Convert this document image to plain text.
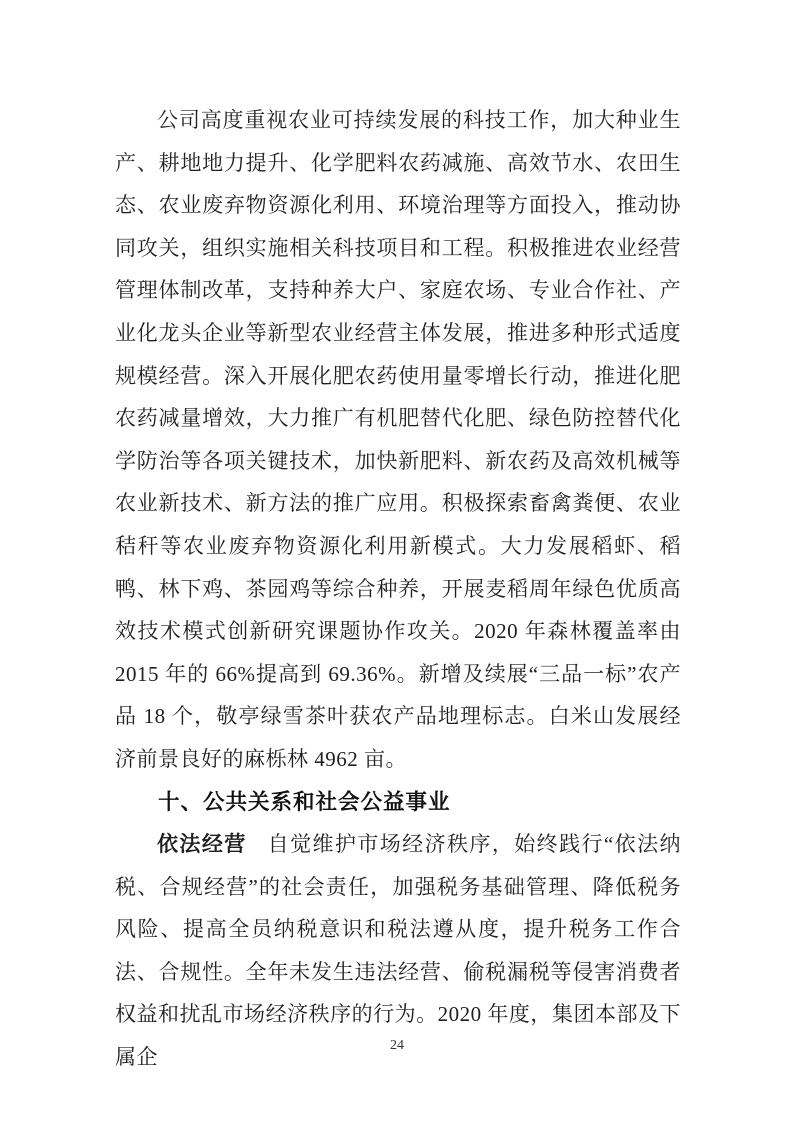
公司高度重视农业可持续发展的科技工作，加大种业生产、耕地地力提升、化学肥料农药减施、高效节水、农田生态、农业废弃物资源化利用、环境治理等方面投入，推动协同攻关，组织实施相关科技项目和工程。积极推进农业经营管理体制改革，支持种养大户、家庭农场、专业合作社、产业化龙头企业等新型农业经营主体发展，推进多种形式适度规模经营。深入开展化肥农药使用量零增长行动，推进化肥农药减量增效，大力推广有机肥替代化肥、绿色防控替代化学防治等各项关键技术，加快新肥料、新农药及高效机械等农业新技术、新方法的推广应用。积极探索畜禽粪便、农业秸秆等农业废弃物资源化利用新模式。大力发展稻虾、稻鸭、林下鸡、茶园鸡等综合种养，开展麦稻周年绿色优质高效技术模式创新研究课题协作攻关。2020 年森林覆盖率由 2015 年的 66%提高到 69.36%。新增及续展“三品一标”农产品 18 个，敬亭绿雪茶叶获农产品地理标志。白米山发展经济前景良好的麻栎林 4962 亩。

十、公共关系和社会公益事业

依法经营 自觉维护市场经济秩序，始终践行“依法纳税、合规经营”的社会责任，加强税务基础管理、降低税务风险、提高全员纳税意识和税法遵从度，提升税务工作合法、合规性。全年未发生违法经营、偷税漏税等侵害消费者权益和扰乱市场经济秩序的行为。2020 年度，集团本部及下属企	24
